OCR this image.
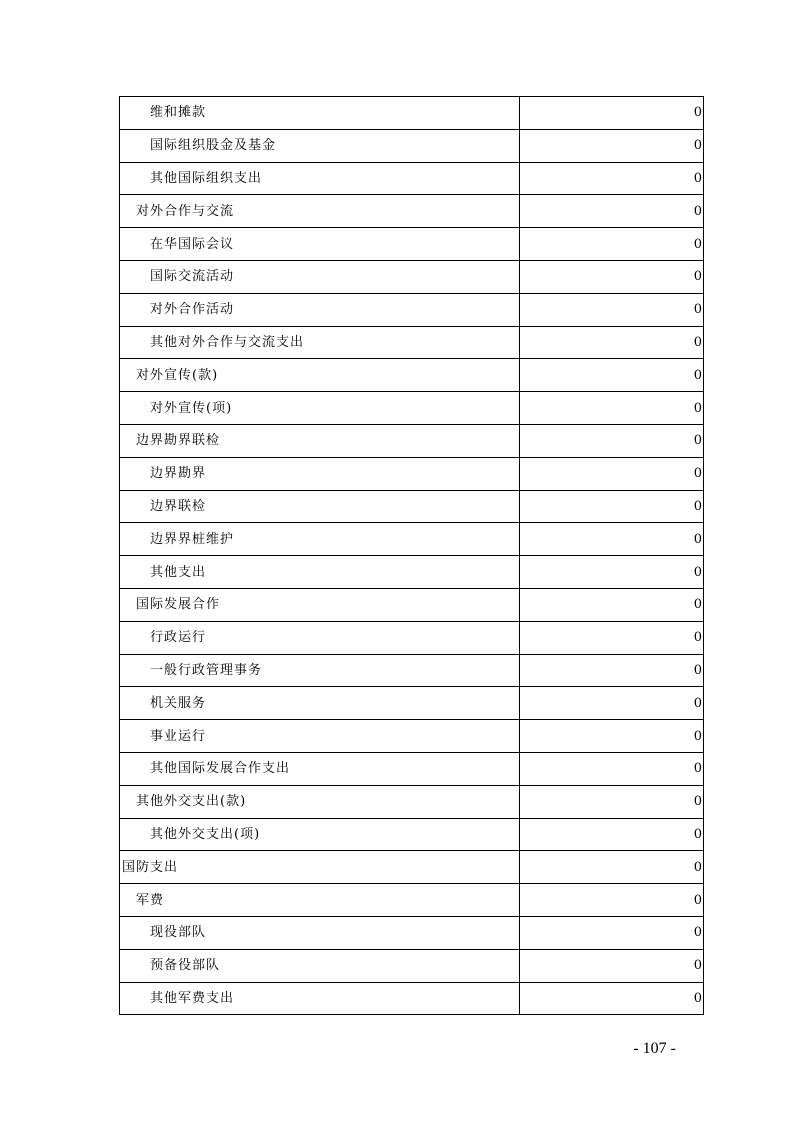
维和摊款	0
国际组织股金及基金	0
其他国际组织支出	0
对外合作与交流	0
在华国际会议	0
国际交流活动	0
对外合作活动	0
其他对外合作与交流支出	0
对外宣传(款)	0
对外宣传(项)	0
边界勘界联检	0
边界勘界	0
边界联检	0
边界界桩维护	0
其他支出	0
国际发展合作	0
行政运行	0
一般行政管理事务	0
机关服务	0
事业运行	0
其他国际发展合作支出	0
其他外交支出(款)	0
其他外交支出(项)	0
国防支出	0
军费	0
现役部队	0
预备役部队	0
其他军费支出	0
- 107 -
